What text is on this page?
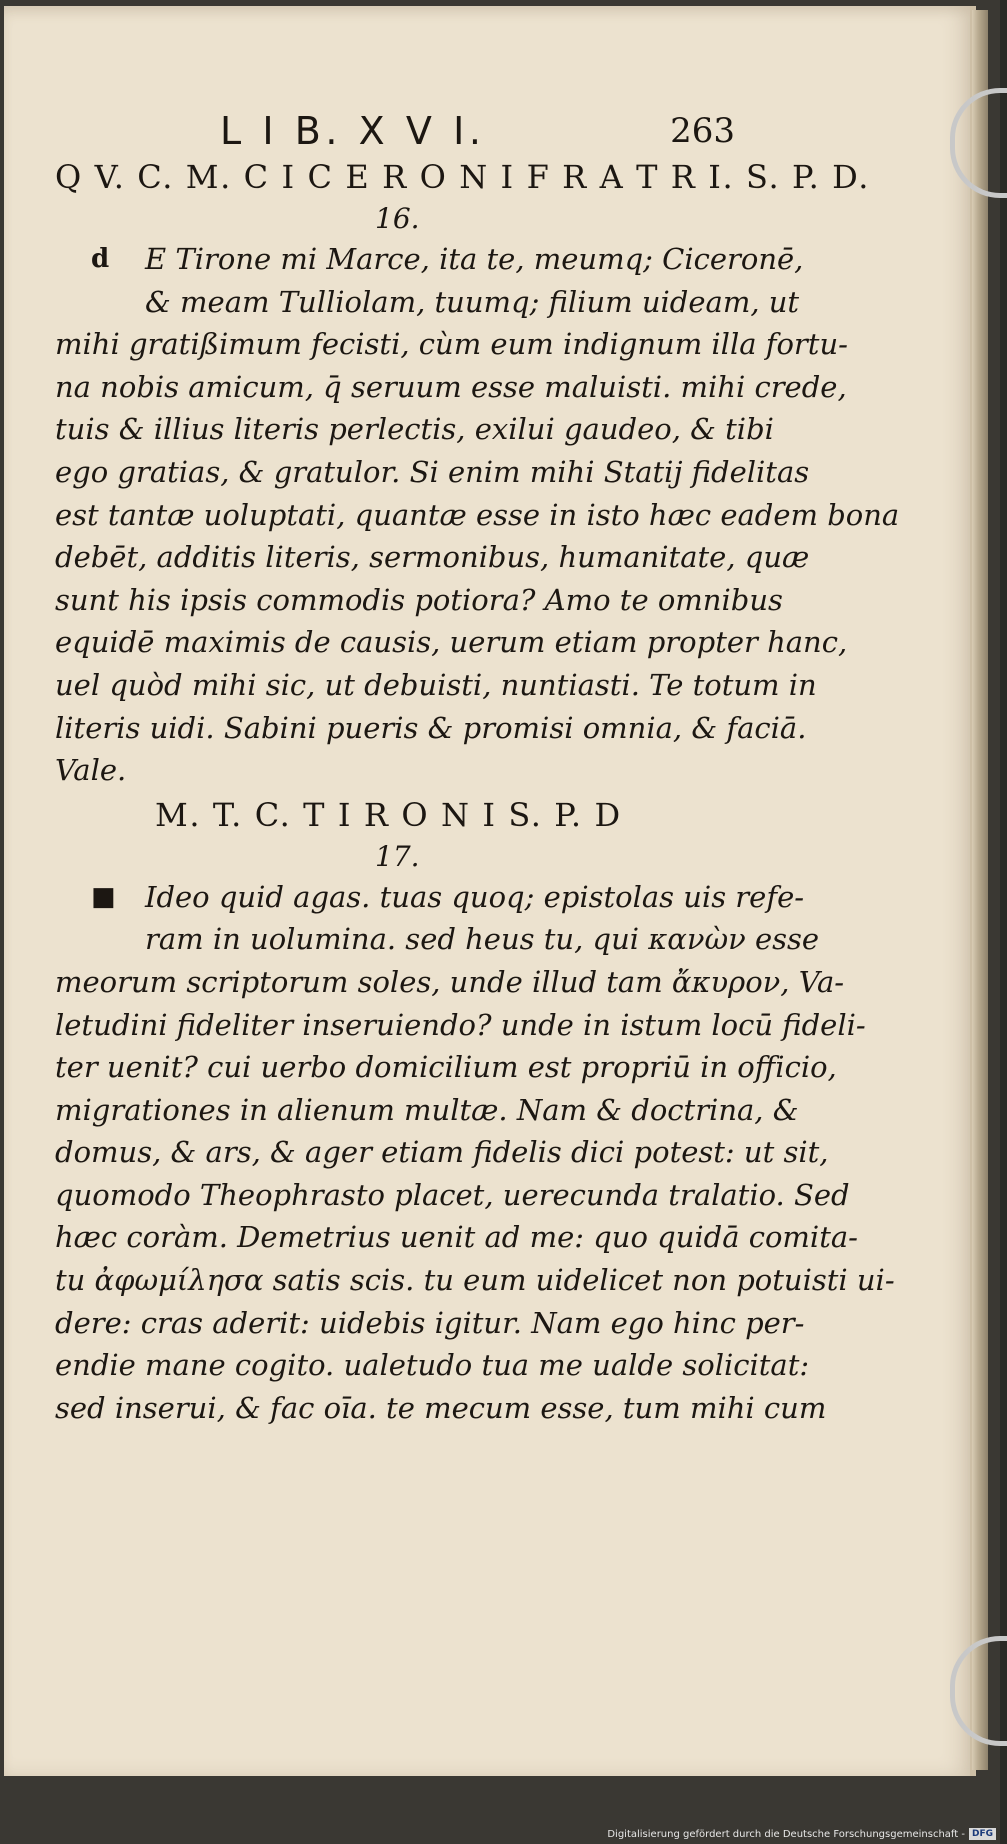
L I B. X V I.	263
Q V. C. M. C I C E R O N I F R A T R I. S. P. D.
16.
d E Tirone mi Marce, ita te, meumq; Ciceronē,
& meam Tulliolam, tuumq; filium uideam, ut
mihi gratißimum fecisti, cùm eum indignum illa fortu-
na nobis amicum, q̄ seruum esse maluisti. mihi crede,
tuis & illius literis perlectis, exilui gaudeo, & tibi
ego gratias, & gratulor. Si enim mihi Statij fidelitas
est tantæ uoluptati, quantæ esse in isto hæc eadem bona
debēt, additis literis, sermonibus, humanitate, quæ
sunt his ipsis commodis potiora? Amo te omnibus
equidē maximis de causis, uerum etiam propter hanc,
uel quòd mihi sic, ut debuisti, nuntiasti. Te totum in
literis uidi. Sabini pueris & promisi omnia, & faciā.
Vale.
M. T. C. T I R O N I S. P. D
17.
■ Ideo quid agas. tuas quoq; epistolas uis refe-
ram in uolumina. sed heus tu, qui κανὼν esse
meorum scriptorum soles, unde illud tam ἄκυρον, Va-
letudini fideliter inseruiendo? unde in istum locū fideli-
ter uenit? cui uerbo domicilium est propriū in officio,
migrationes in alienum multæ. Nam & doctrina, &
domus, & ars, & ager etiam fidelis dici potest: ut sit,
quomodo Theophrasto placet, uerecunda tralatio. Sed
hæc coràm. Demetrius uenit ad me: quo quidā comita-
tu ἀφωμίλησα satis scis. tu eum uidelicet non potuisti ui-
dere: cras aderit: uidebis igitur. Nam ego hinc per-
endie mane cogito. ualetudo tua me ualde solicitat:
sed inserui, & fac oīa. te mecum esse, tum mihi cum
Digitalisierung gefördert durch die Deutsche Forschungsgemeinschaft - DFG
